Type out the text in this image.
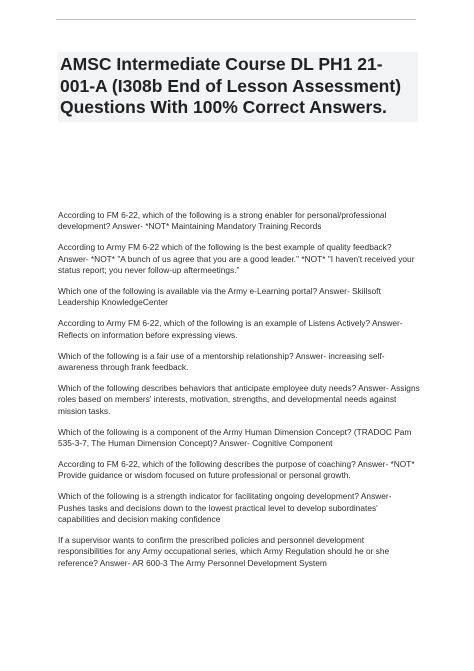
AMSC Intermediate Course DL PH1 21-001-A (I308b End of Lesson Assessment) Questions With 100% Correct Answers.

According to FM 6-22, which of the following is a strong enabler for personal/professional development? Answer- *NOT* Maintaining Mandatory Training Records

According to Army FM 6-22 which of the following is the best example of quality feedback? Answer- *NOT* "A bunch of us agree that you are a good leader." *NOT* "I haven't received your status report; you never follow-up aftermeetings."

Which one of the following is available via the Army e-Learning portal? Answer- Skillsoft Leadership KnowledgeCenter

According to Army FM 6-22, which of the following is an example of Listens Actively? Answer- Reflects on information before expressing views.

Which of the following is a fair use of a mentorship relationship? Answer- increasing self-awareness through frank feedback.

Which of the following describes behaviors that anticipate employee duty needs? Answer- Assigns roles based on members' interests, motivation, strengths, and developmental needs against mission tasks.

Which of the following is a component of the Army Human Dimension Concept? (TRADOC Pam 535-3-7, The Human Dimension Concept)? Answer- Cognitive Component

According to FM 6-22, which of the following describes the purpose of coaching? Answer- *NOT* Provide guidance or wisdom focused on future professional or personal growth.

Which of the following is a strength indicator for facilitating ongoing development? Answer- Pushes tasks and decisions down to the lowest practical level to develop subordinates' capabilities and decision making confidence

If a supervisor wants to confirm the prescribed policies and personnel development responsibilities for any Army occupational series, which Army Regulation should he or she reference? Answer- AR 600-3 The Army Personnel Development System
